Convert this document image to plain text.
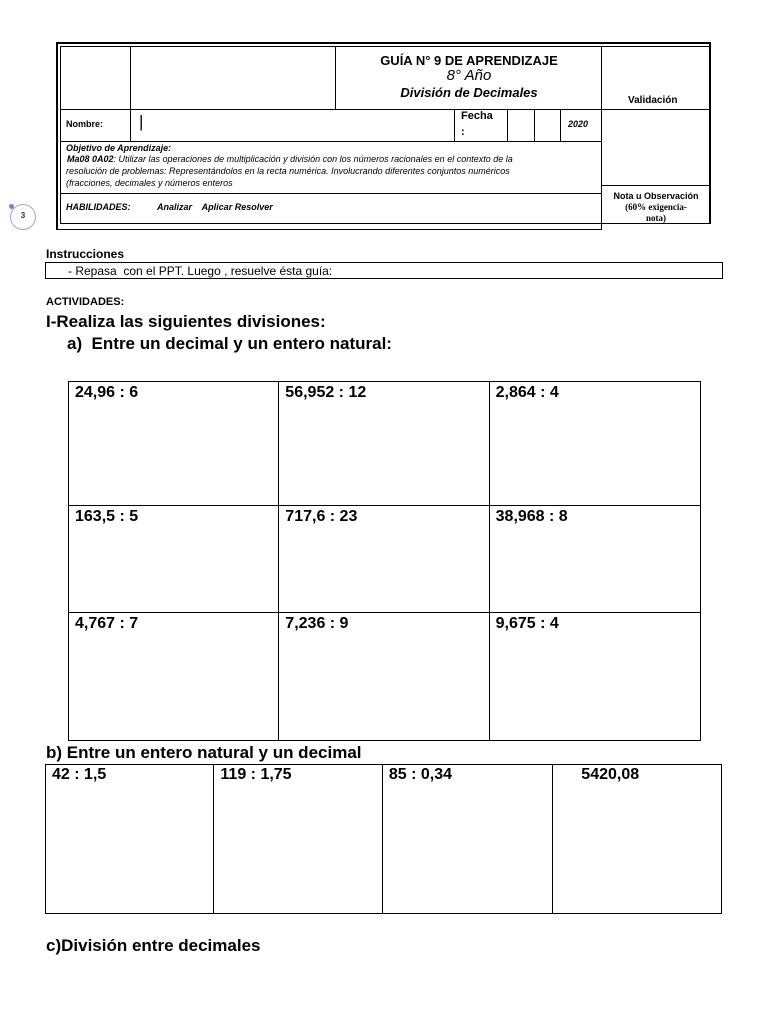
GUÍA N° 9 DE APRENDIZAJE
8° Año
División de Decimales
Validación
Nombre: |	Fecha
:
2020
Objetivo de Aprendizaje:
Ma08 0A02: Utilizar las operaciones de multiplicación y división con los números racionales en el contexto de la
resolución de problemas: Representándolos en la recta numérica. Involucrando diferentes conjuntos numéricos
(fracciones, decimales y números enteros
HABILIDADES:	Analizar    Aplicar Resolver
Nota u Observación
(60% exigencia-
nota)
3
Instrucciones
- Repasa  con el PPT. Luego , resuelve ésta guía:
ACTIVIDADES:
I-Realiza las siguientes divisiones:
a)  Entre un decimal y un entero natural:
24,96 : 6	56,952 : 12	2,864 : 4

163,5 : 5	717,6 : 23	38,968 : 8

4,767 : 7	7,236 : 9	9,675 : 4
b) Entre un entero natural y un decimal
42 : 1,5	119 : 1,75	85 : 0,34	5420,08
c)División entre decimales
